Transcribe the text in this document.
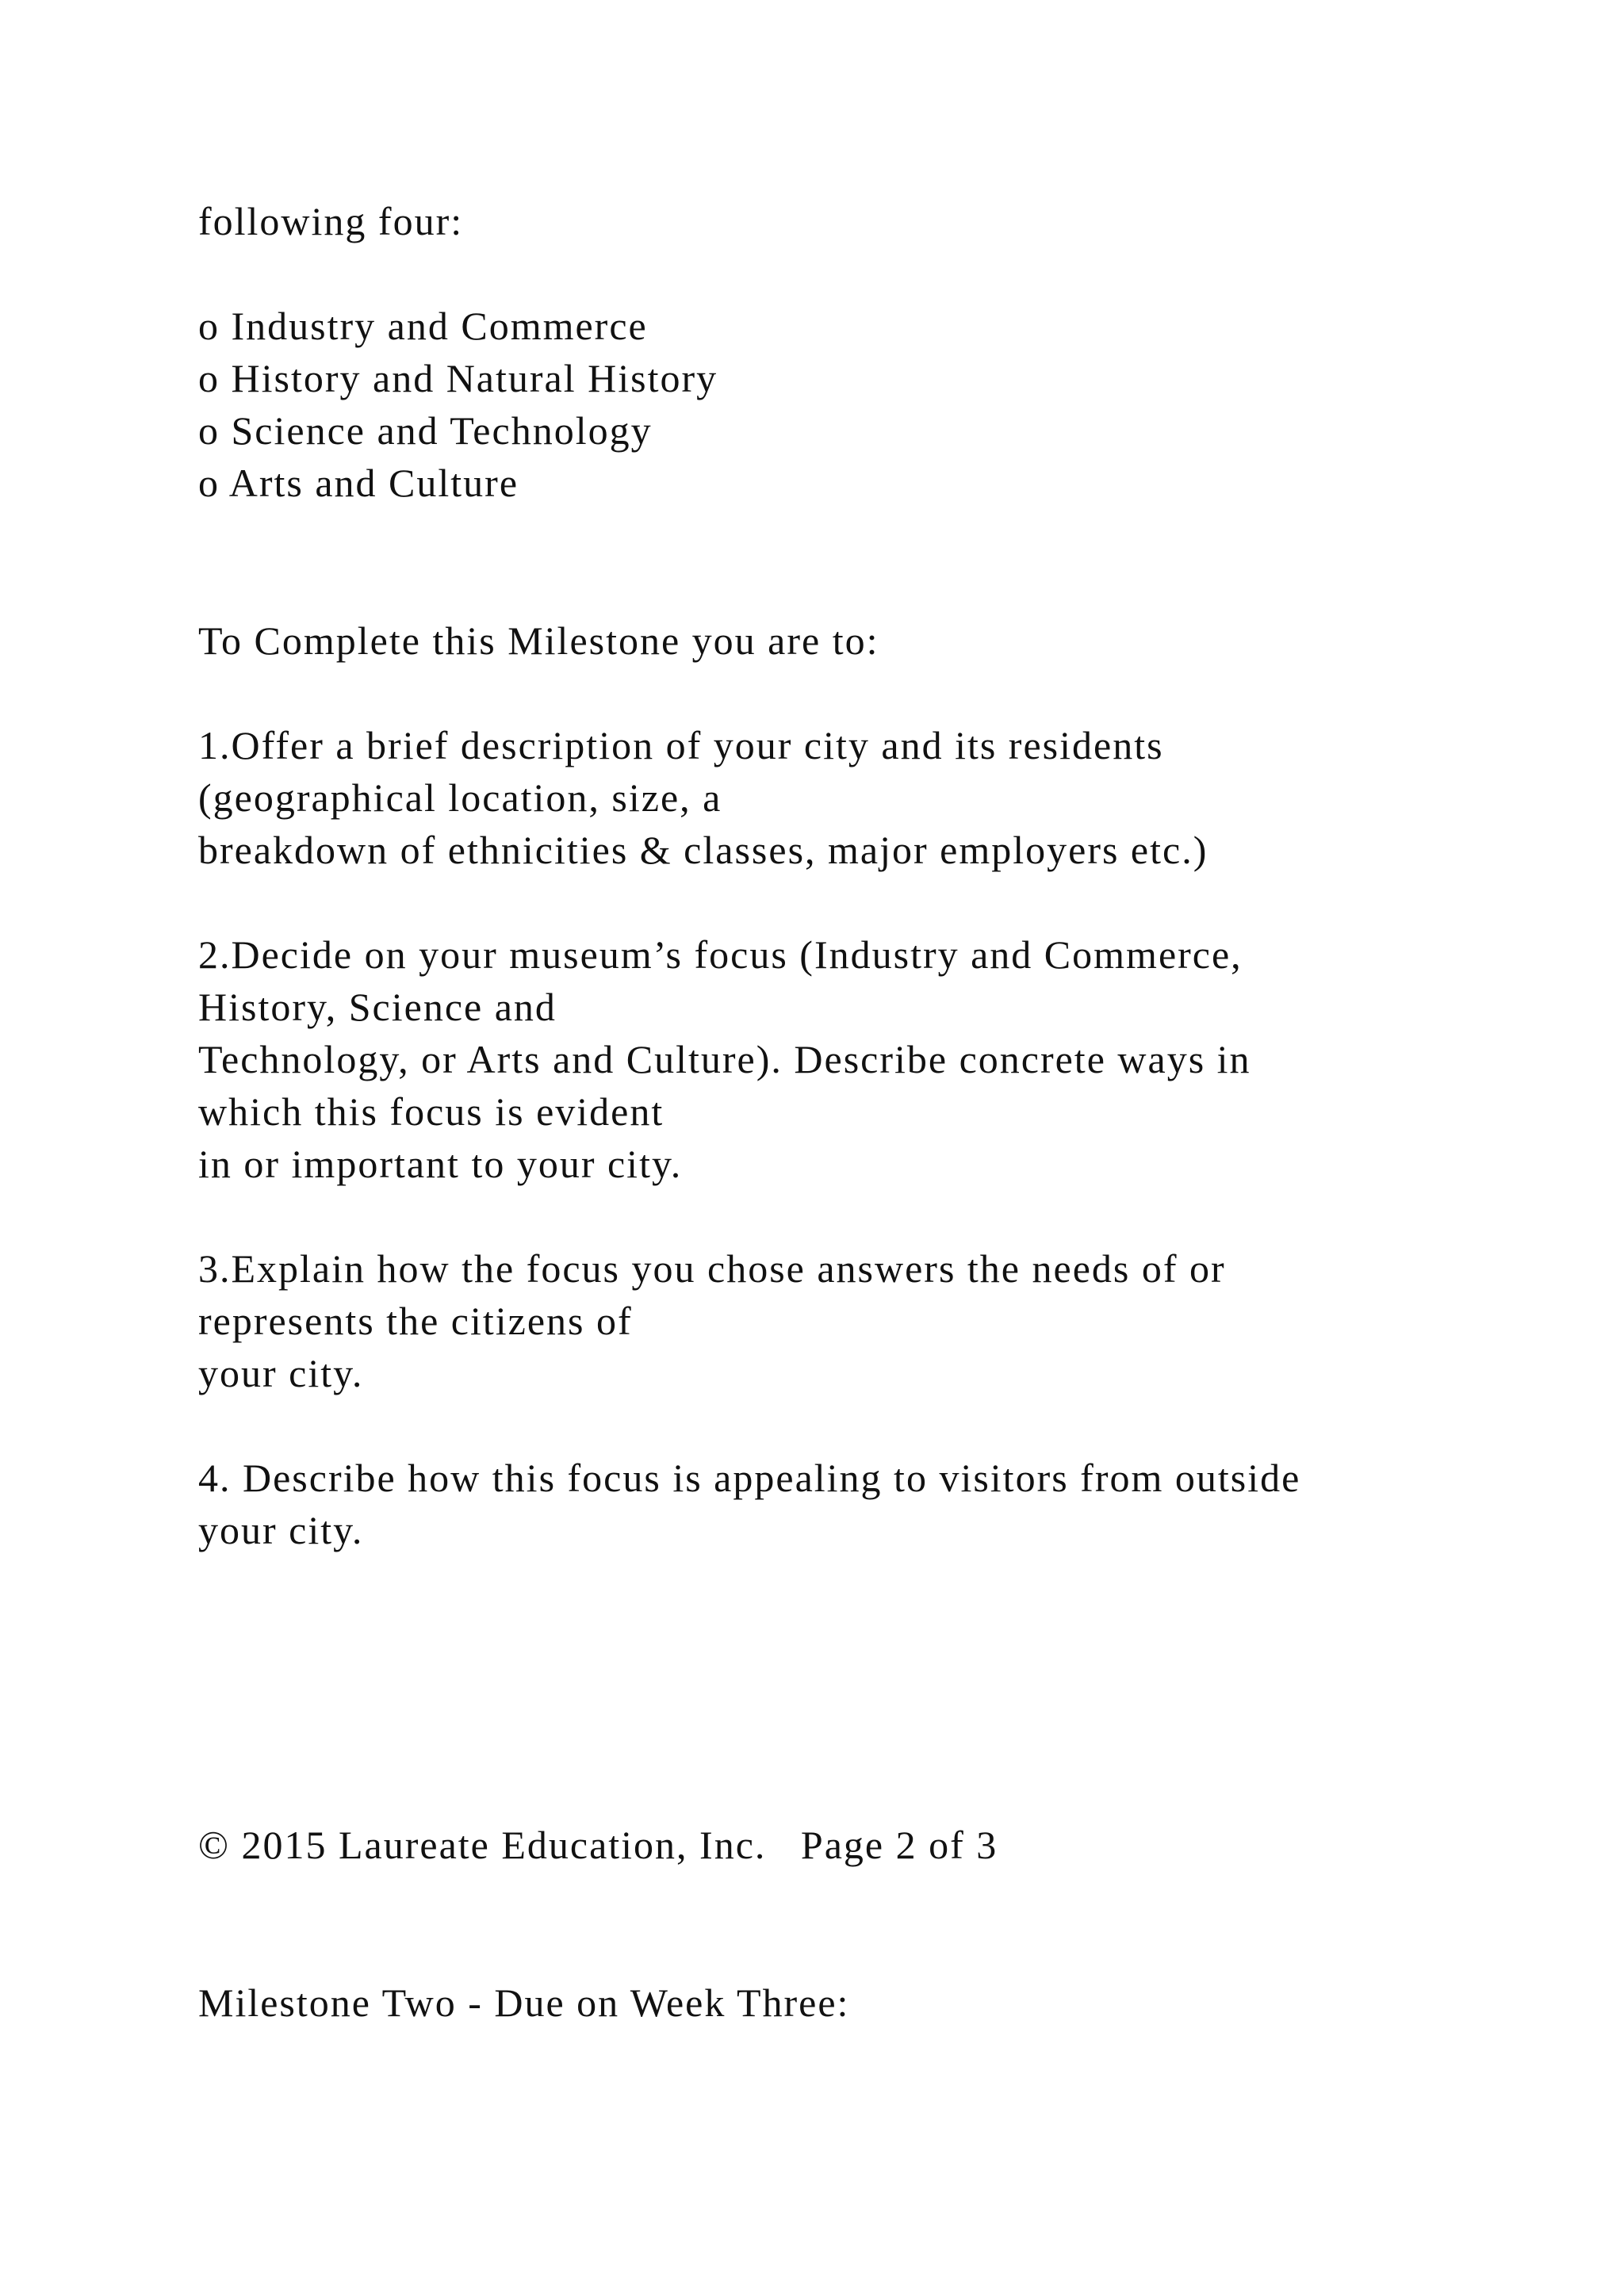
following four:

o Industry and Commerce

o History and Natural History

o Science and Technology

o Arts and Culture

To Complete this Milestone you are to:

1.Offer a brief description of your city and its residents

(geographical location, size, a

breakdown of ethnicities & classes, major employers etc.)

2.Decide on your museum’s focus (Industry and Commerce,

History, Science and

Technology, or Arts and Culture). Describe concrete ways in

which this focus is evident

in or important to your city.

3.Explain how the focus you chose answers the needs of or

represents the citizens of

your city.

4. Describe how this focus is appealing to visitors from outside

your city.

© 2015 Laureate Education, Inc.   Page 2 of 3

Milestone Two - Due on Week Three:
